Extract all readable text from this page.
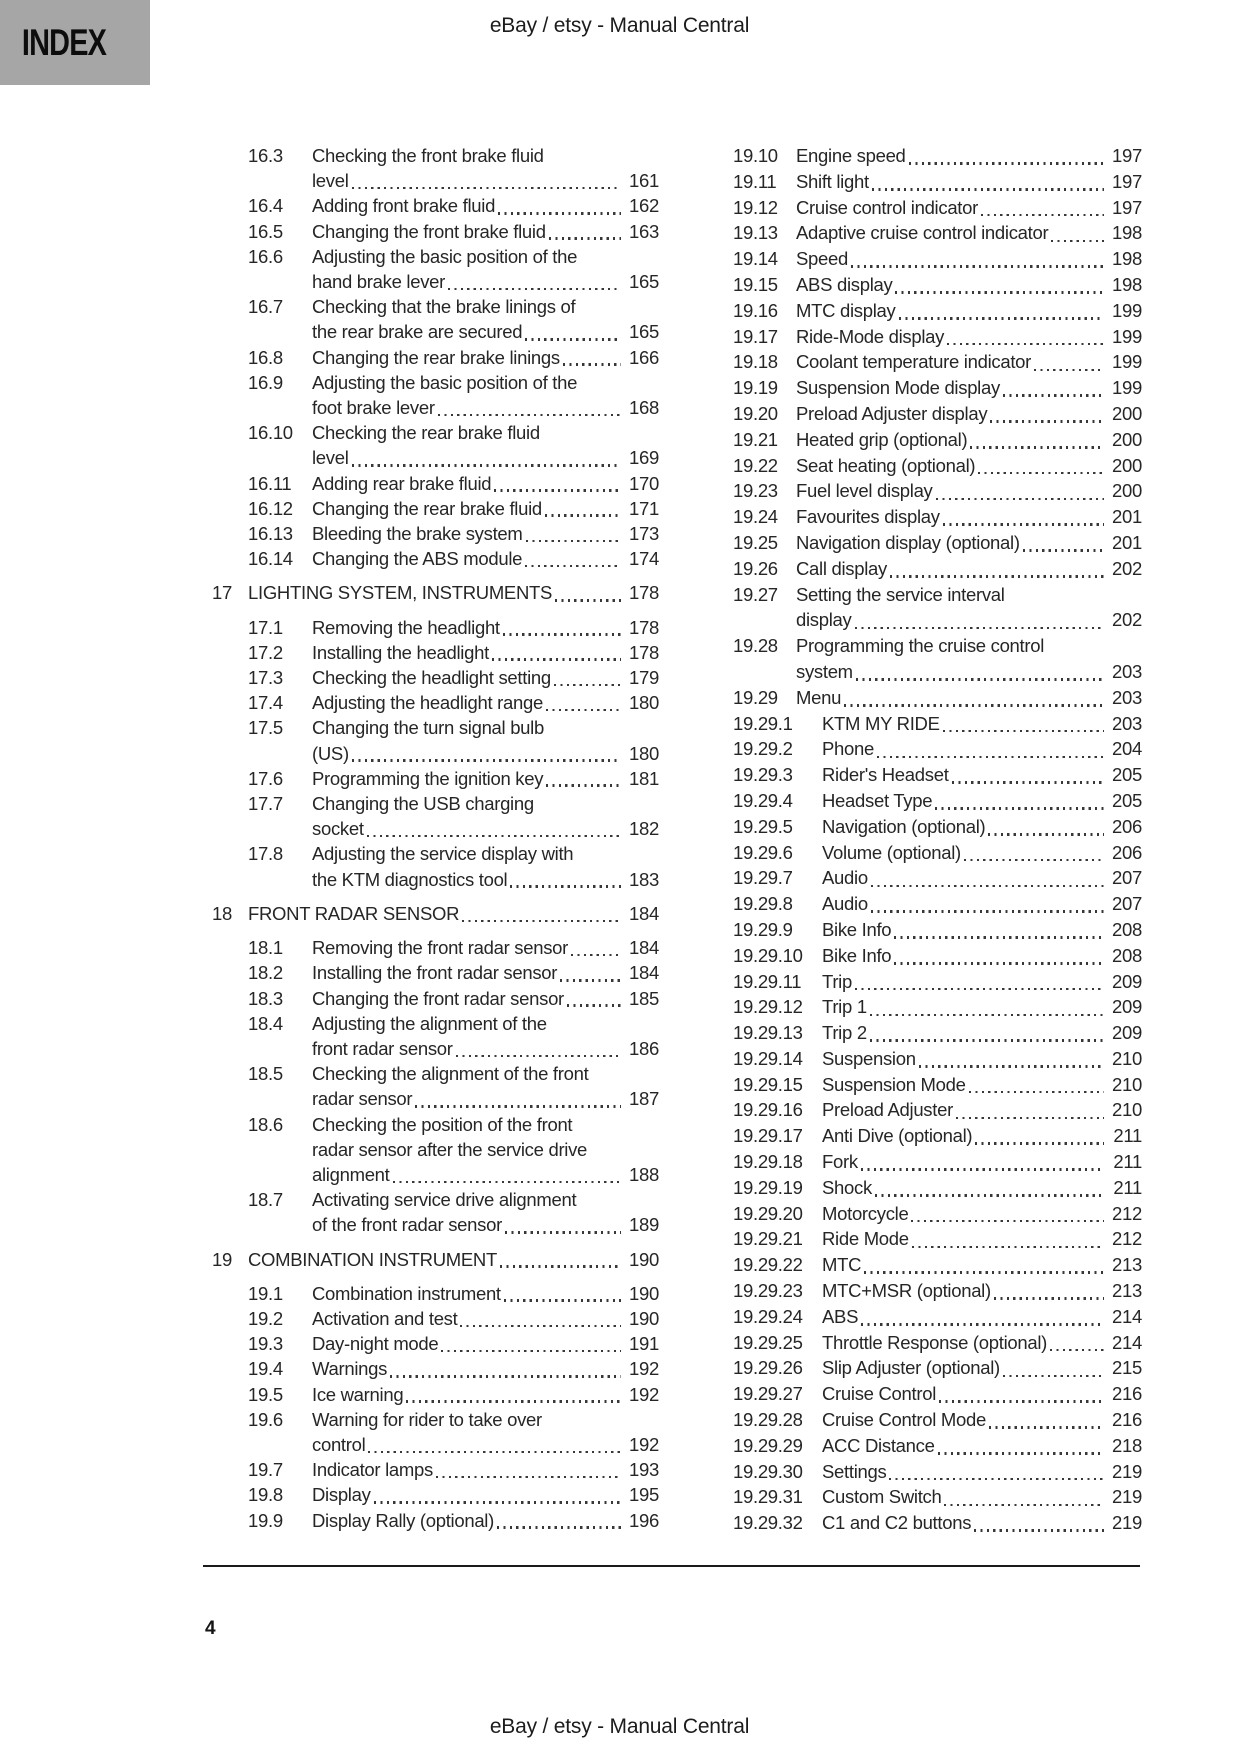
INDEX	eBay / etsy - Manual Central
16.3	Checking the front brake fluid
level	161
16.4	Adding front brake fluid	162
16.5	Changing the front brake fluid	163
16.6	Adjusting the basic position of the
hand brake lever	165
16.7	Checking that the brake linings of
the rear brake are secured	165
16.8	Changing the rear brake linings	166
16.9	Adjusting the basic position of the
foot brake lever	168
16.10	Checking the rear brake fluid
level	169
16.11	Adding rear brake fluid	170
16.12	Changing the rear brake fluid	171
16.13	Bleeding the brake system	173
16.14	Changing the ABS module	174
17 LIGHTING SYSTEM, INSTRUMENTS	178
17.1	Removing the headlight	178
17.2	Installing the headlight	178
17.3	Checking the headlight setting	179
17.4	Adjusting the headlight range	180
17.5	Changing the turn signal bulb
(US)	180
17.6	Programming the ignition key	181
17.7	Changing the USB charging
socket	182
17.8	Adjusting the service display with
the KTM diagnostics tool	183
18 FRONT RADAR SENSOR	184
18.1	Removing the front radar sensor	184
18.2	Installing the front radar sensor	184
18.3	Changing the front radar sensor	185
18.4	Adjusting the alignment of the
front radar sensor	186
18.5	Checking the alignment of the front
radar sensor	187
18.6	Checking the position of the front
radar sensor after the service drive
alignment	188
18.7	Activating service drive alignment
of the front radar sensor	189
19 COMBINATION INSTRUMENT	190
19.1	Combination instrument	190
19.2	Activation and test	190
19.3	Day-night mode	191
19.4	Warnings	192
19.5	Ice warning	192
19.6	Warning for rider to take over
control	192
19.7	Indicator lamps	193
19.8	Display	195
19.9	Display Rally (optional)	196
19.10 Engine speed	197
19.11	Shift light	197
19.12 Cruise control indicator	197
19.13 Adaptive cruise control indicator	198
19.14 Speed	198
19.15 ABS display	198
19.16 MTC display	199
19.17 Ride-Mode display	199
19.18 Coolant temperature indicator	199
19.19 Suspension Mode display	199
19.20 Preload Adjuster display	200
19.21 Heated grip (optional)	200
19.22 Seat heating (optional)	200
19.23 Fuel level display	200
19.24 Favourites display	201
19.25 Navigation display (optional)	201
19.26 Call display	202
19.27 Setting the service interval
display	202
19.28 Programming the cruise control
system	203
19.29 Menu	203
19.29.1	KTM MY RIDE	203
19.29.2	Phone	204
19.29.3	Rider's Headset	205
19.29.4	Headset Type	205
19.29.5	Navigation (optional)	206
19.29.6	Volume (optional)	206
19.29.7	Audio	207
19.29.8	Audio	207
19.29.9	Bike Info	208
19.29.10	Bike Info	208
19.29.11	Trip	209
19.29.12	Trip 1	209
19.29.13	Trip 2	209
19.29.14	Suspension	210
19.29.15	Suspension Mode	210
19.29.16	Preload Adjuster	210
19.29.17	Anti Dive (optional)	211
19.29.18	Fork	211
19.29.19	Shock	211
19.29.20	Motorcycle	212
19.29.21	Ride Mode	212
19.29.22	MTC	213
19.29.23	MTC+MSR (optional)	213
19.29.24	ABS	214
19.29.25	Throttle Response (optional)	214
19.29.26	Slip Adjuster (optional)	215
19.29.27	Cruise Control	216
19.29.28	Cruise Control Mode	216
19.29.29	ACC Distance	218
19.29.30	Settings	219
19.29.31	Custom Switch	219
19.29.32	C1 and C2 buttons	219
4
eBay / etsy - Manual Central
